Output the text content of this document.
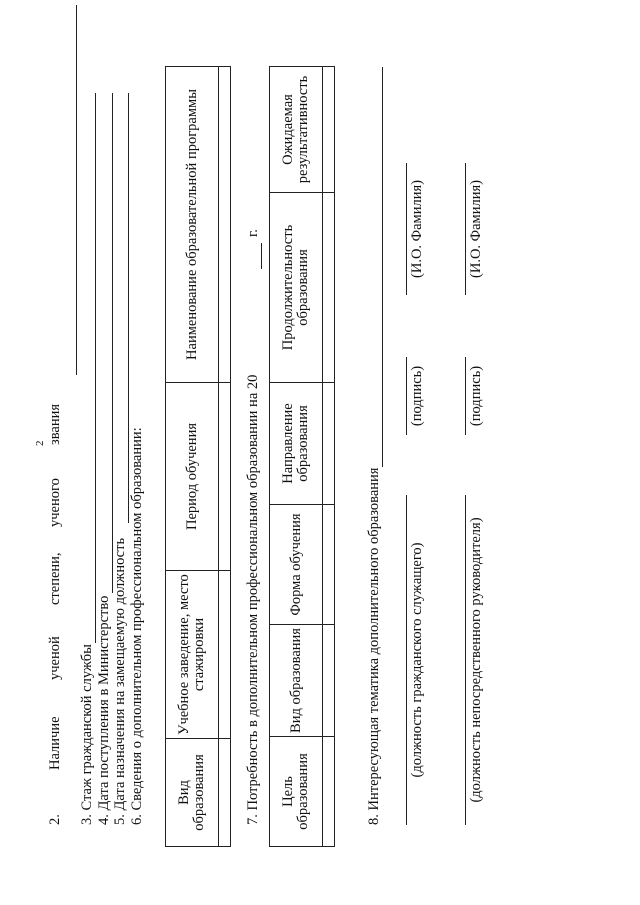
2.
Наличие
ученой
степени,
ученого
звания
2
3. Стаж гражданской службы 4. Дата поступления в Министерство 5. Дата назначения на замещаемую должность 6. Сведения о дополнительном профессиональном образовании: Вид образования	Учебное заведение, место стажировки	Период обучения	Наименование образовательной программы

7. Потребность в дополнительном профессиональном образовании на 20
г.
Цель образования	Вид образования	Форма обучения	Направление образования	Продолжительность образования	Ожидаемая результативность

8. Интересующая тематика дополнительного образования (должность гражданского служащего)
(подпись)
(И.О. Фамилия)
(должность непосредственного руководителя)
(подпись)
(И.О. Фамилия)
